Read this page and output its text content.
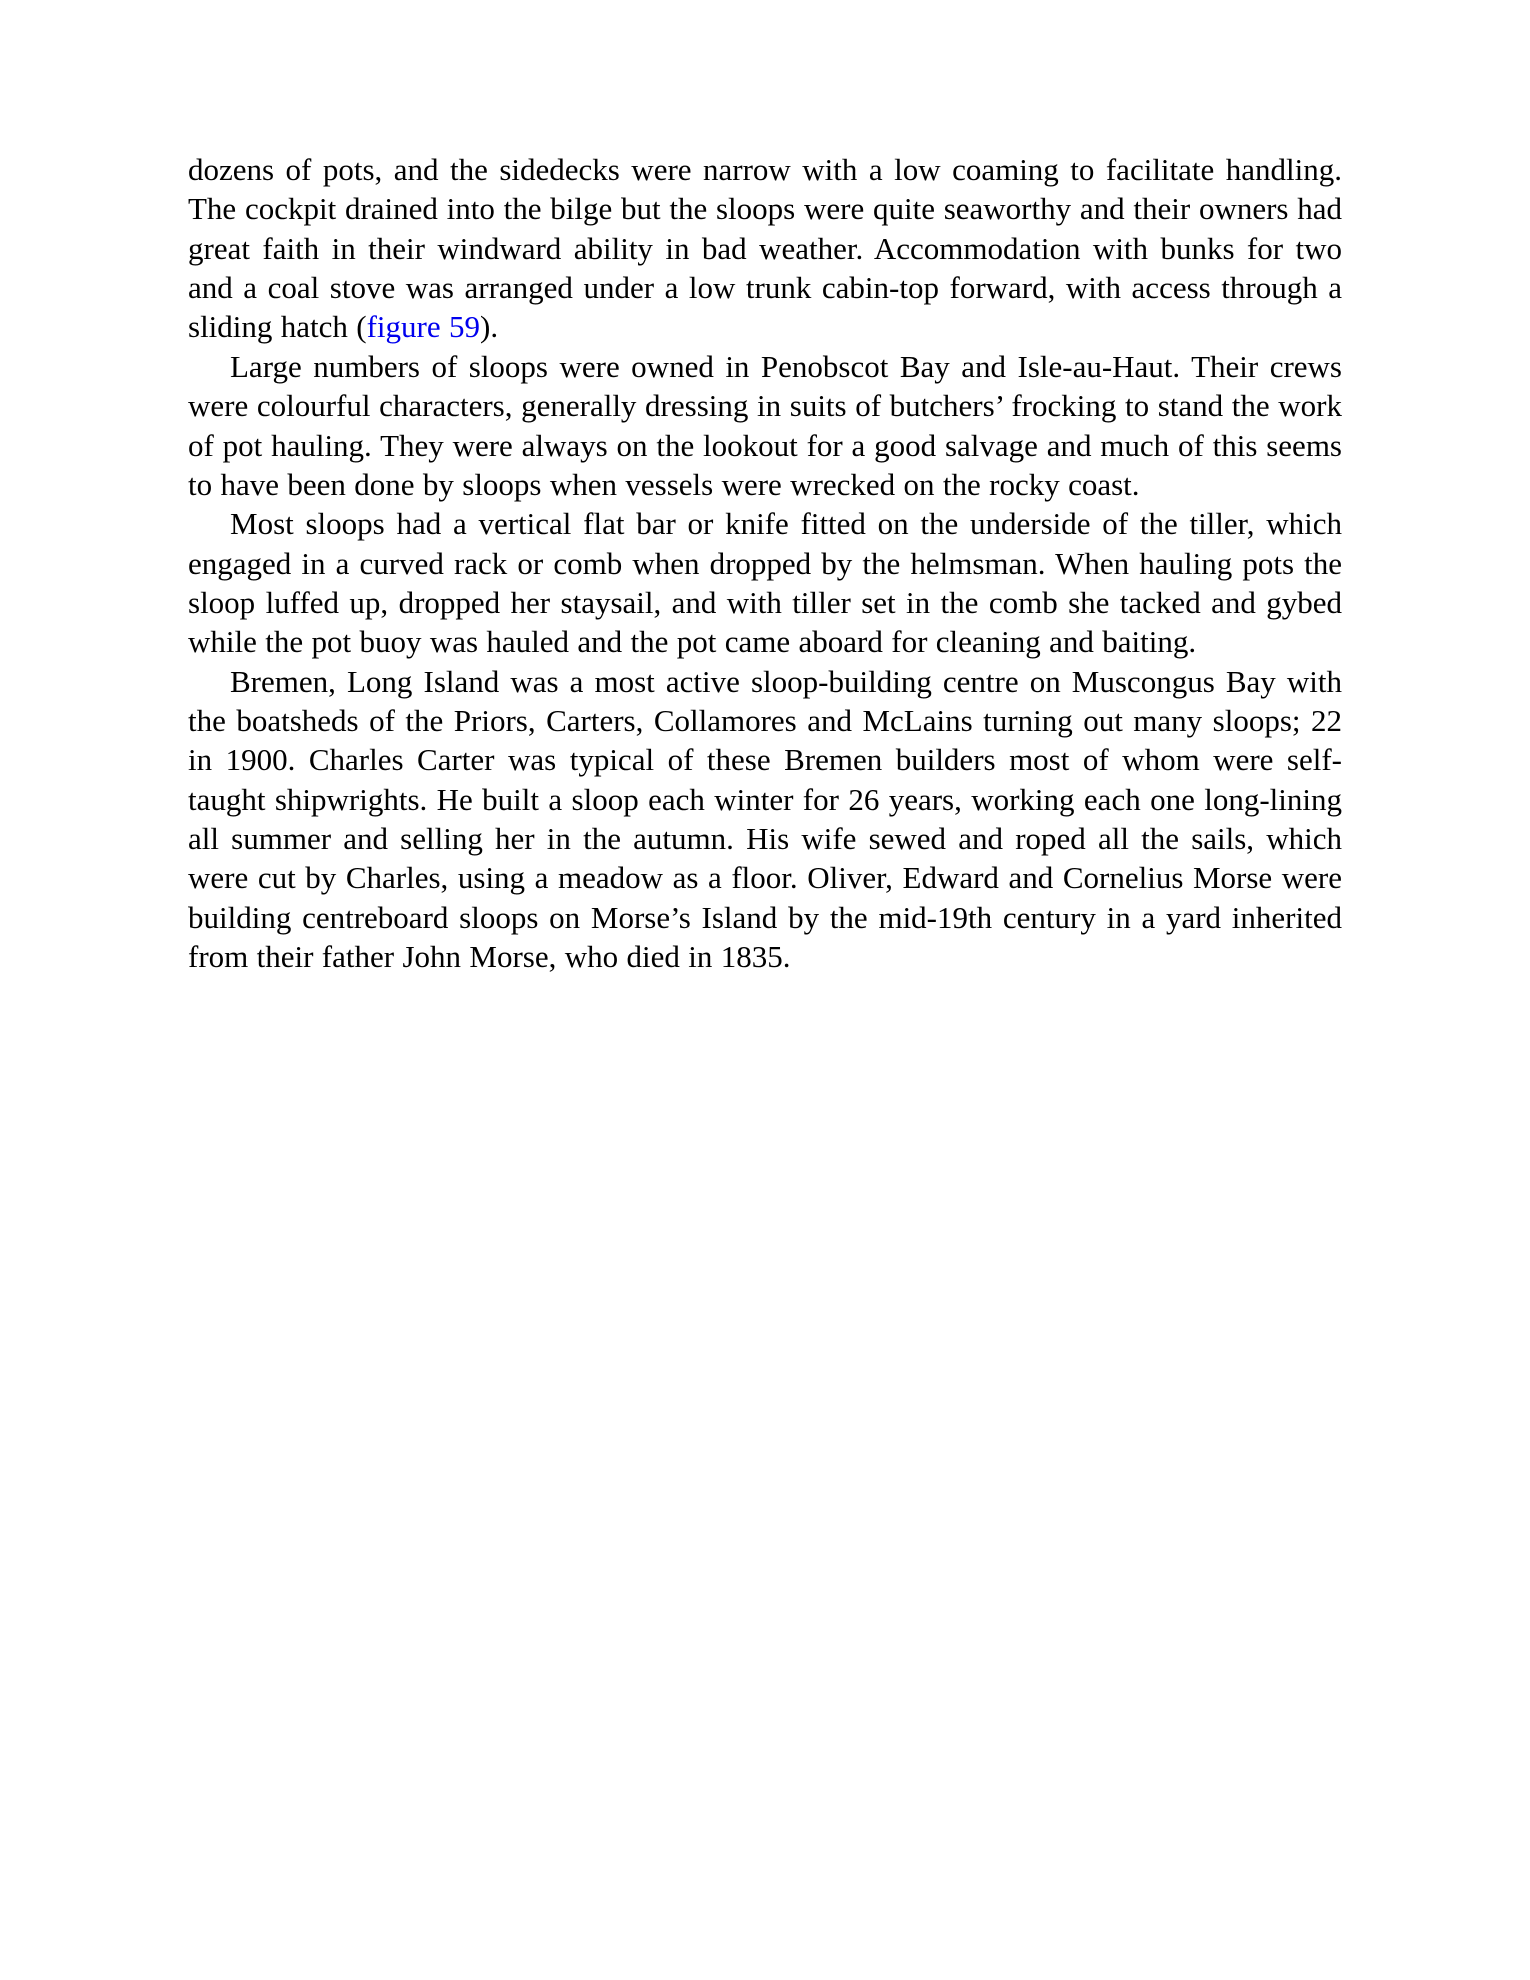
dozens of pots, and the sidedecks were narrow with a low coaming to facilitate handling. The cockpit drained into the bilge but the sloops were quite seaworthy and their owners had great faith in their windward ability in bad weather. Accommodation with bunks for two and a coal stove was arranged under a low trunk cabin-top forward, with access through a sliding hatch (figure 59).

Large numbers of sloops were owned in Penobscot Bay and Isle-au-Haut. Their crews were colourful characters, generally dressing in suits of butchers’ frocking to stand the work of pot hauling. They were always on the lookout for a good salvage and much of this seems to have been done by sloops when vessels were wrecked on the rocky coast.

Most sloops had a vertical flat bar or knife fitted on the underside of the tiller, which engaged in a curved rack or comb when dropped by the helmsman. When hauling pots the sloop luffed up, dropped her staysail, and with tiller set in the comb she tacked and gybed while the pot buoy was hauled and the pot came aboard for cleaning and baiting.

Bremen, Long Island was a most active sloop-building centre on Muscongus Bay with the boatsheds of the Priors, Carters, Collamores and McLains turning out many sloops; 22 in 1900. Charles Carter was typical of these Bremen builders most of whom were self-taught shipwrights. He built a sloop each winter for 26 years, working each one long-lining all summer and selling her in the autumn. His wife sewed and roped all the sails, which were cut by Charles, using a meadow as a floor. Oliver, Edward and Cornelius Morse were building centreboard sloops on Morse’s Island by the mid-19th century in a yard inherited from their father John Morse, who died in 1835.
